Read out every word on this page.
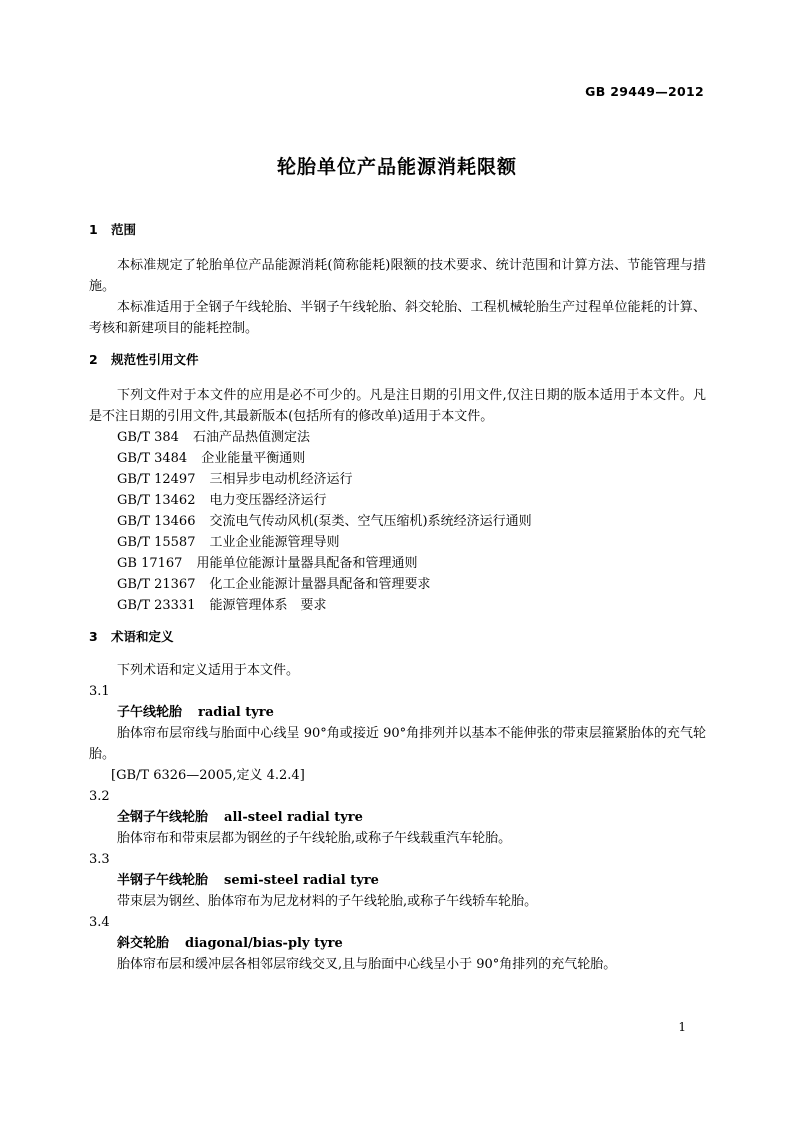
GB 29449—2012
轮胎单位产品能源消耗限额
1 范围

本标准规定了轮胎单位产品能源消耗(简称能耗)限额的技术要求、统计范围和计算方法、节能管理与措施。

本标准适用于全钢子午线轮胎、半钢子午线轮胎、斜交轮胎、工程机械轮胎生产过程单位能耗的计算、考核和新建项目的能耗控制。

2 规范性引用文件

下列文件对于本文件的应用是必不可少的。凡是注日期的引用文件,仅注日期的版本适用于本文件。凡是不注日期的引用文件,其最新版本(包括所有的修改单)适用于本文件。

GB/T 384 石油产品热值测定法

GB/T 3484 企业能量平衡通则

GB/T 12497 三相异步电动机经济运行

GB/T 13462 电力变压器经济运行

GB/T 13466 交流电气传动风机(泵类、空气压缩机)系统经济运行通则

GB/T 15587 工业企业能源管理导则

GB 17167 用能单位能源计量器具配备和管理通则

GB/T 21367 化工企业能源计量器具配备和管理要求

GB/T 23331 能源管理体系　要求

3 术语和定义

下列术语和定义适用于本文件。

3.1

子午线轮胎 radial tyre

胎体帘布层帘线与胎面中心线呈 90°角或接近 90°角排列并以基本不能伸张的带束层箍紧胎体的充气轮胎。

[GB/T 6326—2005,定义 4.2.4]

3.2

全钢子午线轮胎 all-steel radial tyre

胎体帘布和带束层都为钢丝的子午线轮胎,或称子午线载重汽车轮胎。

3.3

半钢子午线轮胎 semi-steel radial tyre

带束层为钢丝、胎体帘布为尼龙材料的子午线轮胎,或称子午线轿车轮胎。

3.4

斜交轮胎 diagonal/bias-ply tyre

胎体帘布层和缓冲层各相邻层帘线交叉,且与胎面中心线呈小于 90°角排列的充气轮胎。

1
